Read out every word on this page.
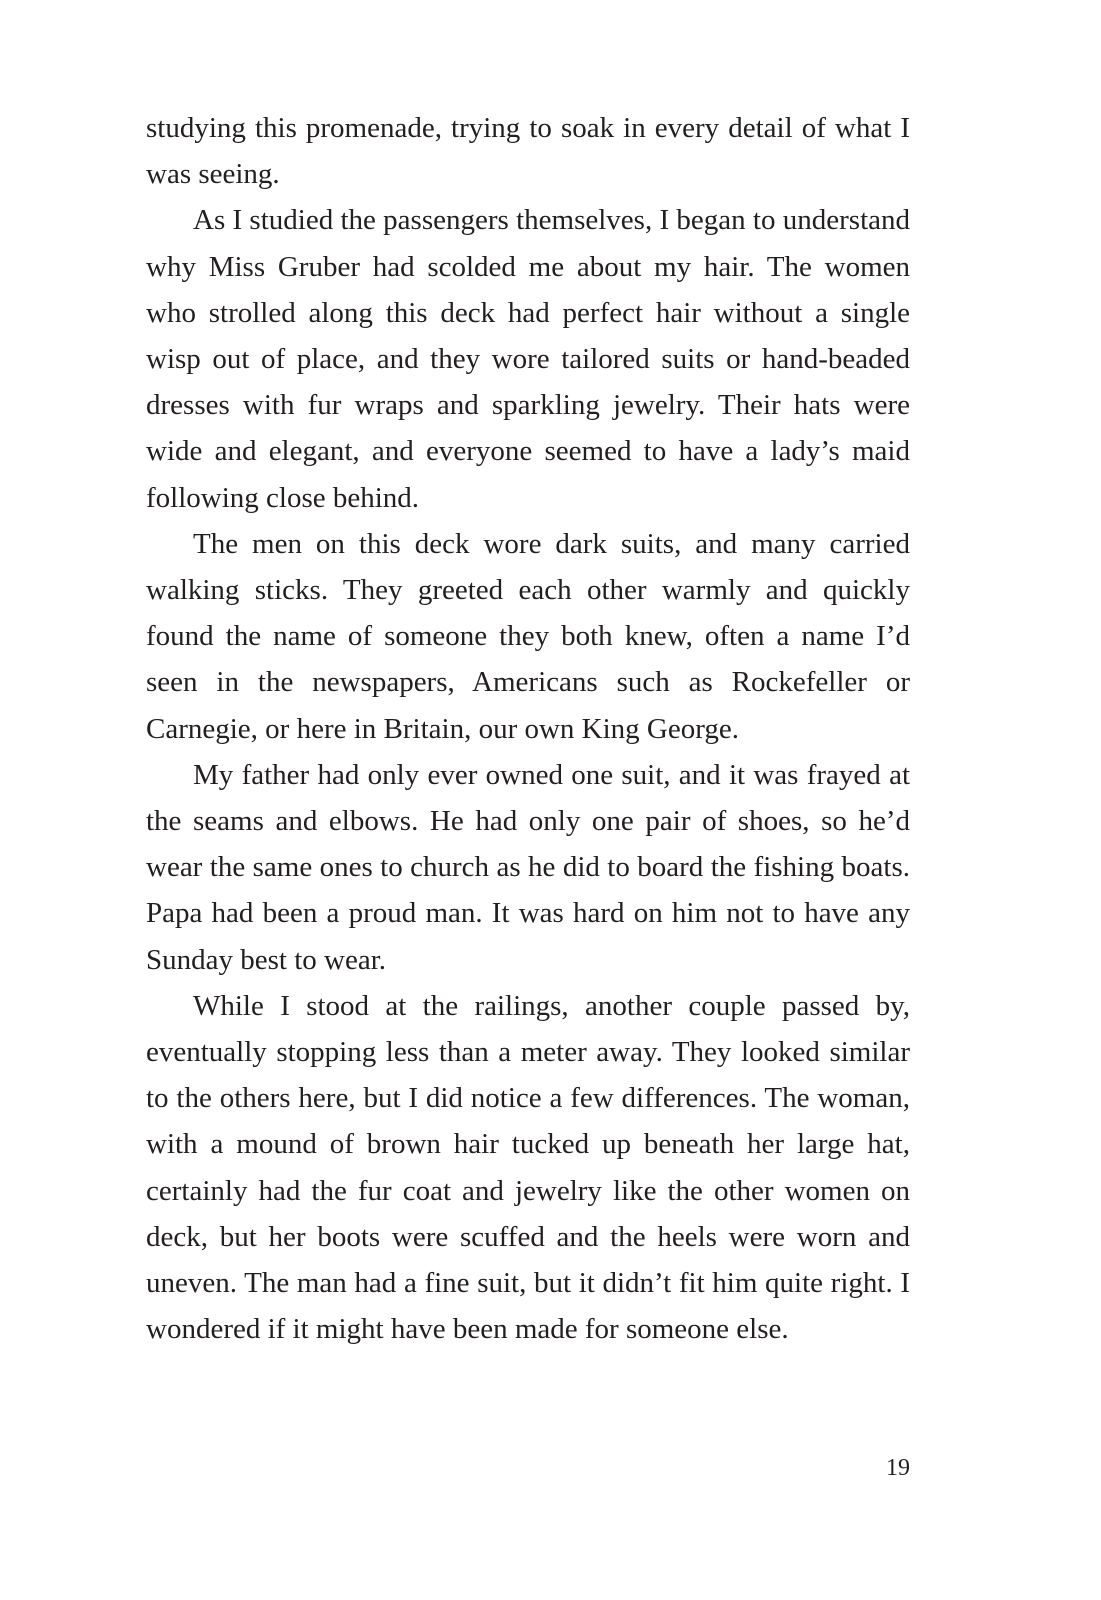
studying this promenade, trying to soak in every detail of what I was seeing.

As I studied the passengers themselves, I began to understand why Miss Gruber had scolded me about my hair. The women who strolled along this deck had perfect hair without a single wisp out of place, and they wore tailored suits or hand-beaded dresses with fur wraps and sparkling jewelry. Their hats were wide and elegant, and everyone seemed to have a lady’s maid following close behind.

The men on this deck wore dark suits, and many carried walking sticks. They greeted each other warmly and quickly found the name of someone they both knew, often a name I’d seen in the newspapers, Americans such as Rockefeller or Carnegie, or here in Britain, our own King George.

My father had only ever owned one suit, and it was frayed at the seams and elbows. He had only one pair of shoes, so he’d wear the same ones to church as he did to board the fishing boats. Papa had been a proud man. It was hard on him not to have any Sunday best to wear.

While I stood at the railings, another couple passed by, eventually stopping less than a meter away. They looked similar to the others here, but I did notice a few differences. The woman, with a mound of brown hair tucked up beneath her large hat, certainly had the fur coat and jewelry like the other women on deck, but her boots were scuffed and the heels were worn and uneven. The man had a fine suit, but it didn’t fit him quite right. I wondered if it might have been made for someone else.

19
